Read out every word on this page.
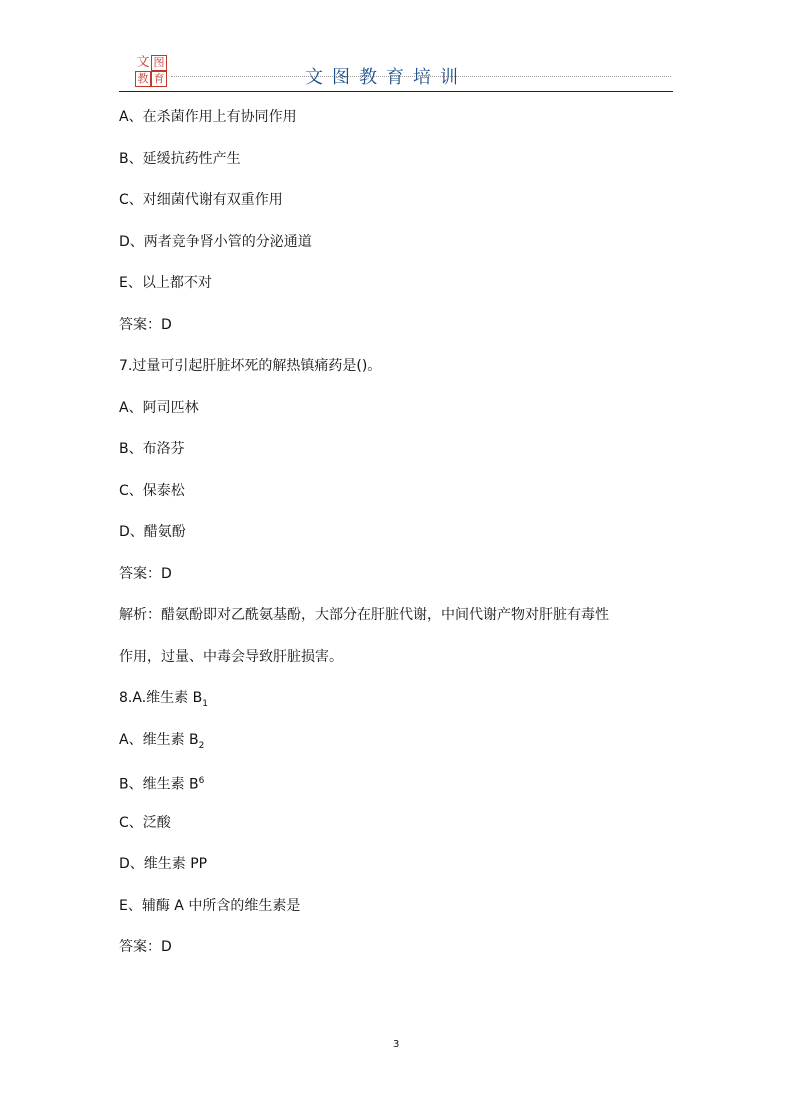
文 图
教 育	文图教育培训
A、在杀菌作用上有协同作用
B、延缓抗药性产生
C、对细菌代谢有双重作用
D、两者竞争肾小管的分泌通道
E、以上都不对
答案：D
7.过量可引起肝脏坏死的解热镇痛药是()。
A、阿司匹林
B、布洛芬
C、保泰松
D、醋氨酚
答案：D
解析：醋氨酚即对乙酰氨基酚，大部分在肝脏代谢，中间代谢产物对肝脏有毒性
作用，过量、中毒会导致肝脏损害。
8.A.维生素 $B_1$
A、维生素 $B_2$
B、维生素 $B^6$
C、泛酸
D、维生素 PP
E、辅酶 A 中所含的维生素是
答案：D
3
